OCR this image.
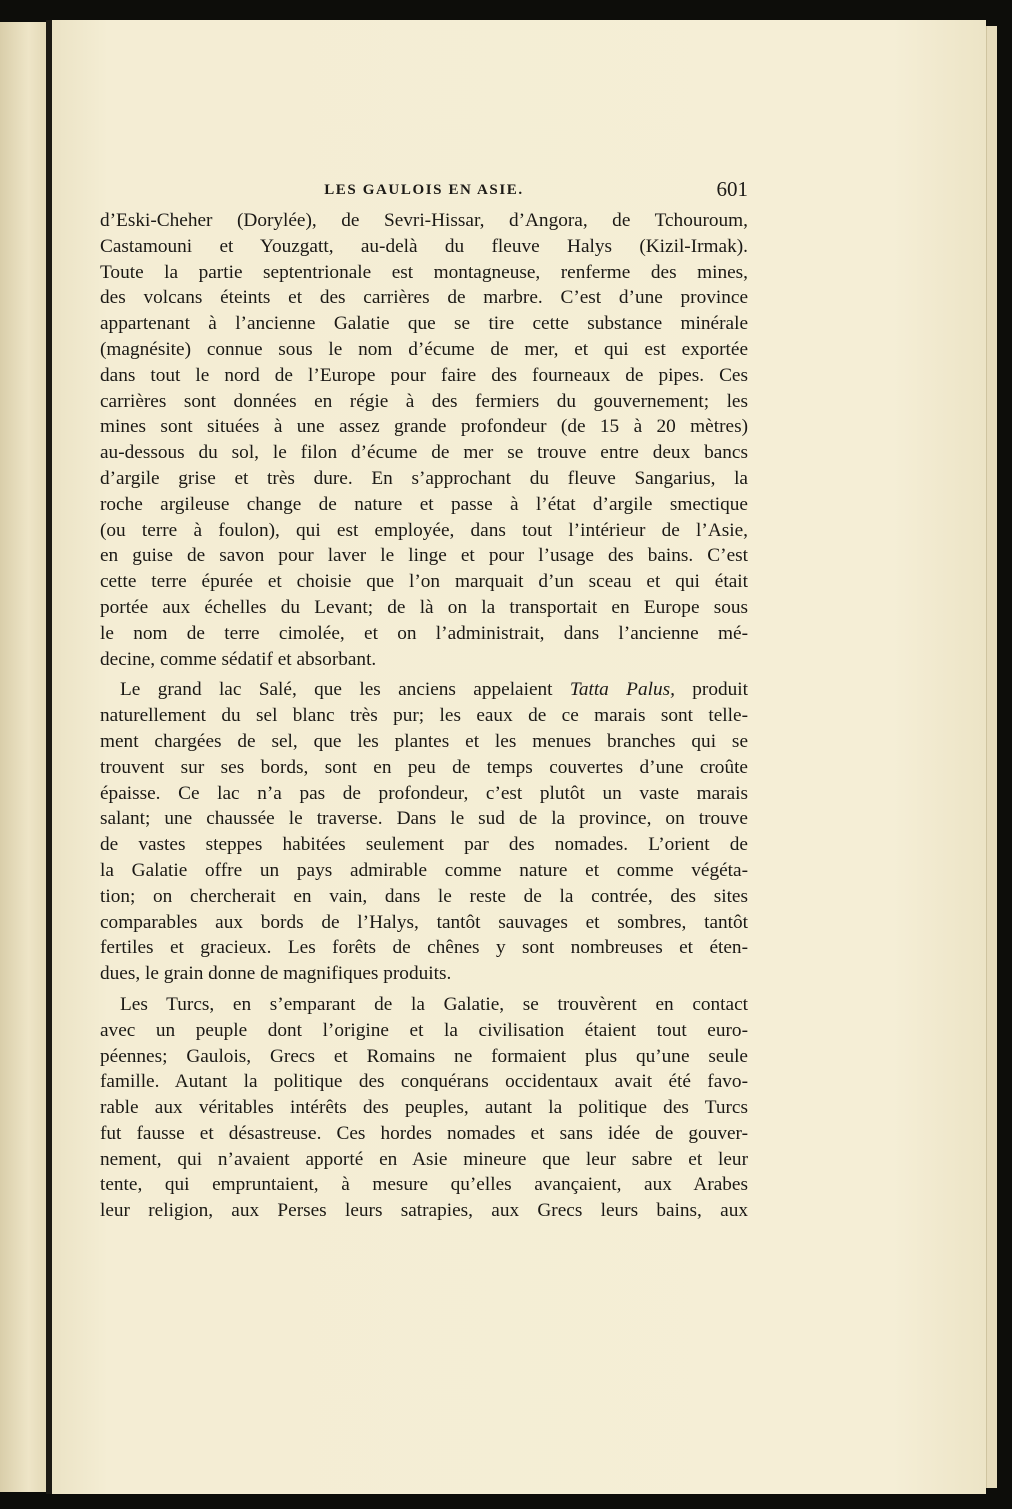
LES GAULOIS EN ASIE.	601
d’Eski-Cheher (Dorylée), de Sevri-Hissar, d’Angora, de Tchouroum,
Castamouni et Youzgatt, au-delà du fleuve Halys (Kizil-Irmak).
Toute la partie septentrionale est montagneuse, renferme des mines,
des volcans éteints et des carrières de marbre. C’est d’une province
appartenant à l’ancienne Galatie que se tire cette substance minérale
(magnésite) connue sous le nom d’écume de mer, et qui est exportée
dans tout le nord de l’Europe pour faire des fourneaux de pipes. Ces
carrières sont données en régie à des fermiers du gouvernement; les
mines sont situées à une assez grande profondeur (de 15 à 20 mètres)
au-dessous du sol, le filon d’écume de mer se trouve entre deux bancs
d’argile grise et très dure. En s’approchant du fleuve Sangarius, la
roche argileuse change de nature et passe à l’état d’argile smectique
(ou terre à foulon), qui est employée, dans tout l’intérieur de l’Asie,
en guise de savon pour laver le linge et pour l’usage des bains. C’est
cette terre épurée et choisie que l’on marquait d’un sceau et qui était
portée aux échelles du Levant; de là on la transportait en Europe sous
le nom de terre cimolée, et on l’administrait, dans l’ancienne mé-
decine, comme sédatif et absorbant.
Le grand lac Salé, que les anciens appelaient Tatta Palus, produit
naturellement du sel blanc très pur; les eaux de ce marais sont telle-
ment chargées de sel, que les plantes et les menues branches qui se
trouvent sur ses bords, sont en peu de temps couvertes d’une croûte
épaisse. Ce lac n’a pas de profondeur, c’est plutôt un vaste marais
salant; une chaussée le traverse. Dans le sud de la province, on trouve
de vastes steppes habitées seulement par des nomades. L’orient de
la Galatie offre un pays admirable comme nature et comme végéta-
tion; on chercherait en vain, dans le reste de la contrée, des sites
comparables aux bords de l’Halys, tantôt sauvages et sombres, tantôt
fertiles et gracieux. Les forêts de chênes y sont nombreuses et éten-
dues, le grain donne de magnifiques produits.
Les Turcs, en s’emparant de la Galatie, se trouvèrent en contact
avec un peuple dont l’origine et la civilisation étaient tout euro-
péennes; Gaulois, Grecs et Romains ne formaient plus qu’une seule
famille. Autant la politique des conquérans occidentaux avait été favo-
rable aux véritables intérêts des peuples, autant la politique des Turcs
fut fausse et désastreuse. Ces hordes nomades et sans idée de gouver-
nement, qui n’avaient apporté en Asie mineure que leur sabre et leur
tente, qui empruntaient, à mesure qu’elles avançaient, aux Arabes
leur religion, aux Perses leurs satrapies, aux Grecs leurs bains, aux
